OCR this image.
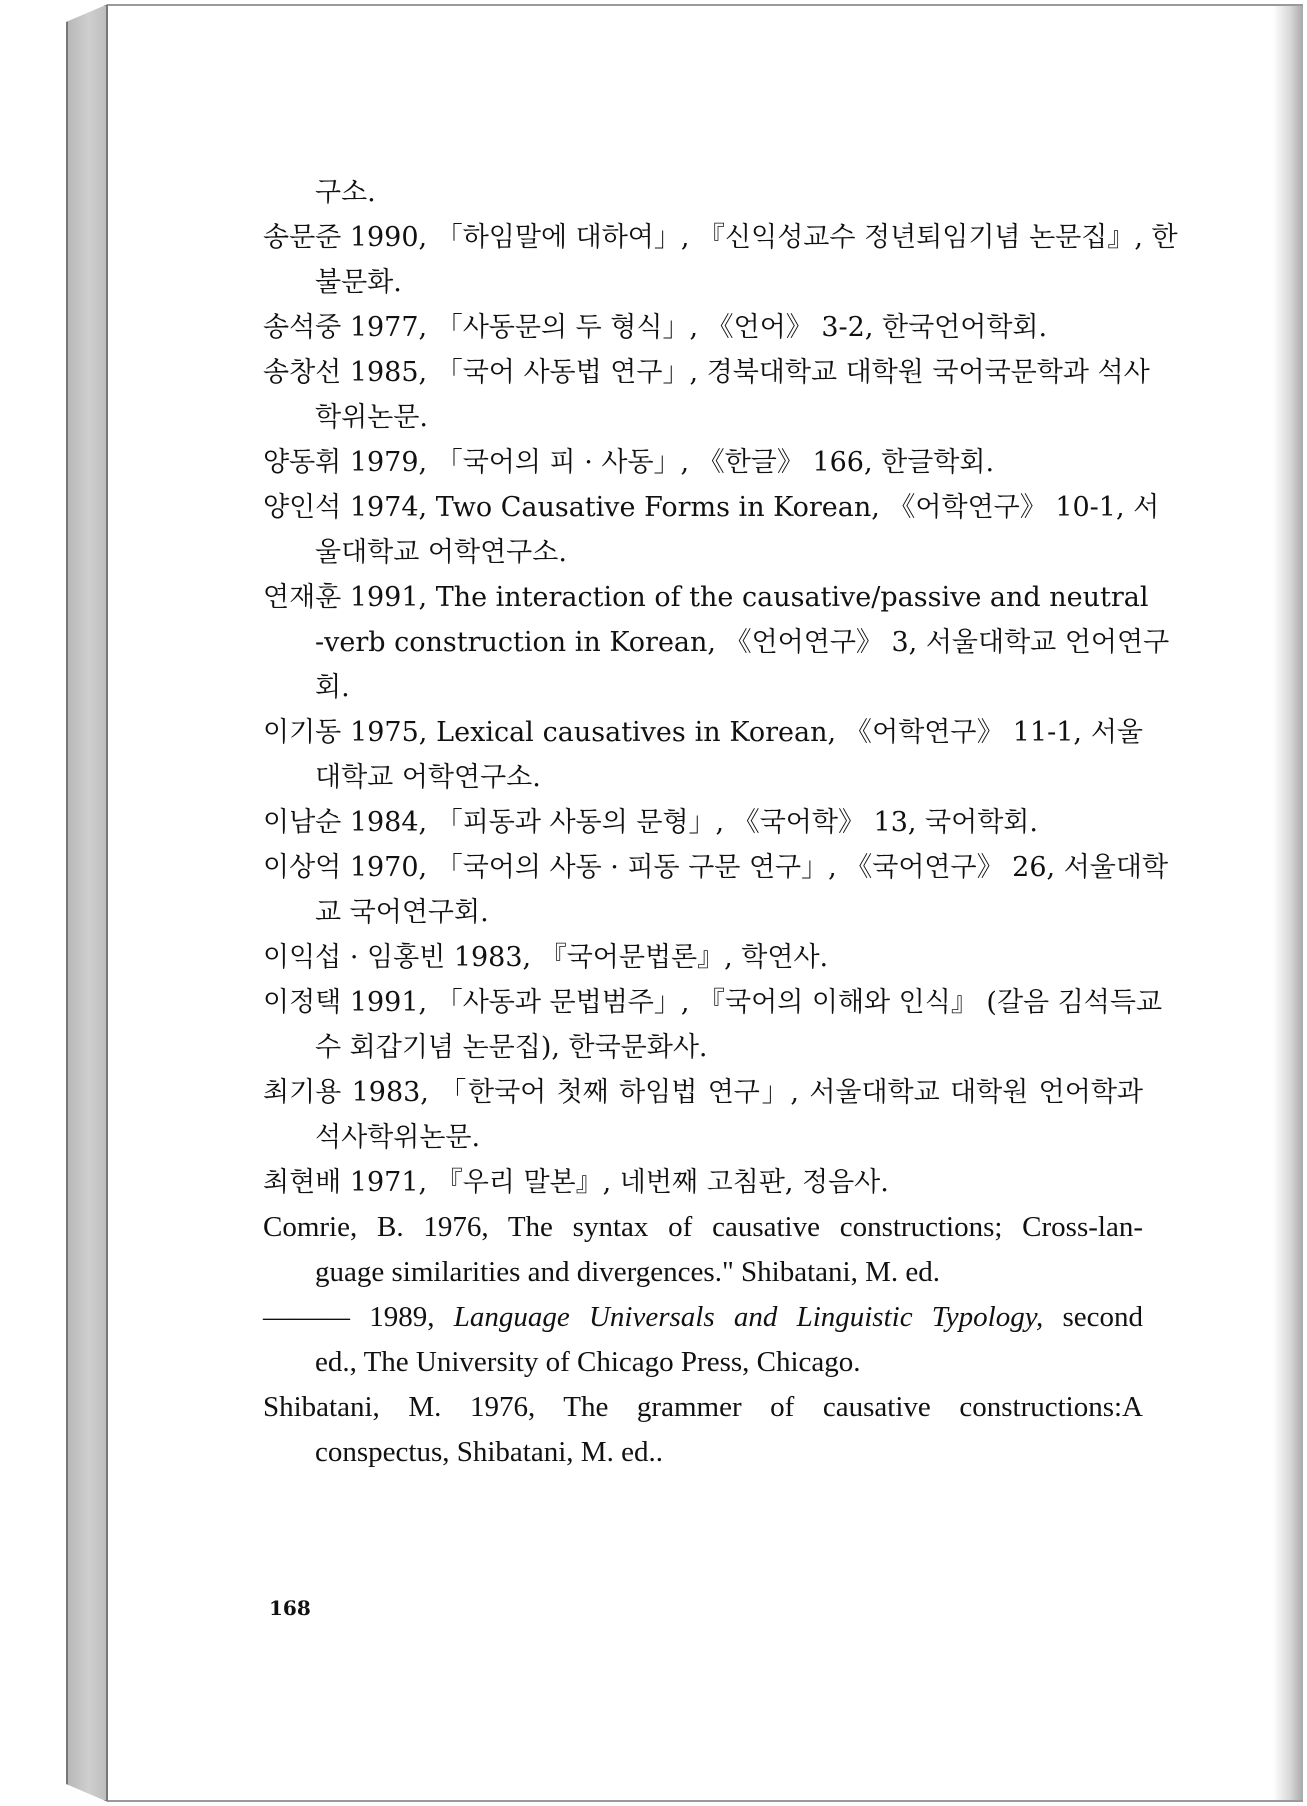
구소.
송문준 1990, 「하임말에 대하여」, 『신익성교수 정년퇴임기념 논문집』, 한
불문화.
송석중 1977, 「사동문의 두 형식」, 《언어》 3-2, 한국언어학회.
송창선 1985, 「국어 사동법 연구」, 경북대학교 대학원 국어국문학과 석사
학위논문.
양동휘 1979, 「국어의 피 · 사동」, 《한글》 166, 한글학회.
양인석 1974, Two Causative Forms in Korean, 《어학연구》 10-1, 서
울대학교 어학연구소.
연재훈 1991, The interaction of the causative/passive and neutral
-verb construction in Korean, 《언어연구》 3, 서울대학교 언어연구
회.
이기동 1975, Lexical causatives in Korean, 《어학연구》 11-1, 서울
대학교 어학연구소.
이남순 1984, 「피동과 사동의 문형」, 《국어학》 13, 국어학회.
이상억 1970, 「국어의 사동 · 피동 구문 연구」, 《국어연구》 26, 서울대학
교 국어연구회.
이익섭 · 임홍빈 1983, 『국어문법론』, 학연사.
이정택 1991, 「사동과 문법범주」, 『국어의 이해와 인식』 (갈음 김석득교
수 회갑기념 논문집), 한국문화사.
최기용 1983, 「한국어 첫째 하임법 연구」, 서울대학교 대학원 언어학과
석사학위논문.
최현배 1971, 『우리 말본』, 네번째 고침판, 정음사.
Comrie, B. 1976, The syntax of causative constructions; Cross-lan-
guage similarities and divergences." Shibatani, M. ed.
——— 1989, Language Universals and Linguistic Typology, second
ed., The University of Chicago Press, Chicago.
Shibatani, M. 1976, The grammer of causative constructions:A
conspectus, Shibatani, M. ed..
168
